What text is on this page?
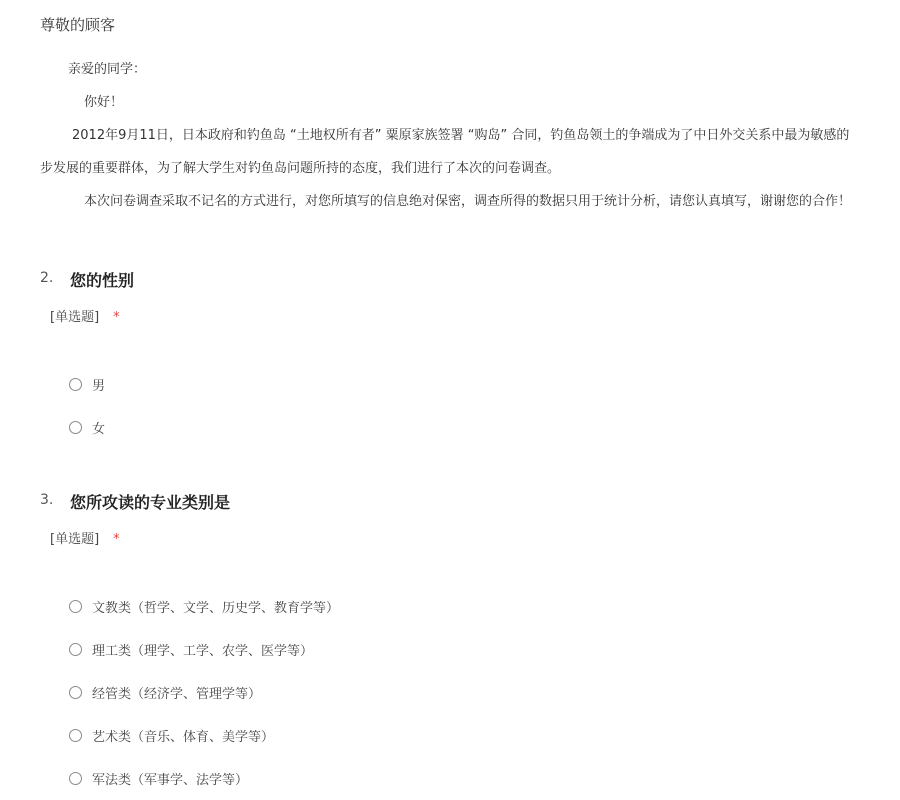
尊敬的顾客
亲爱的同学：
你好！
2012年9月11日，日本政府和钓鱼岛 “土地权所有者” 粟原家族签署 “购岛” 合同，钓鱼岛领土的争端成为了中日外交关系中最为敏感的
步发展的重要群体，为了解大学生对钓鱼岛问题所持的态度，我们进行了本次的问卷调查。
本次问卷调查采取不记名的方式进行，对您所填写的信息绝对保密，调查所得的数据只用于统计分析，请您认真填写，谢谢您的合作！
2. 您的性别
[单选题] *
男
女
3. 您所攻读的专业类别是
[单选题] *
文教类（哲学、文学、历史学、教育学等）
理工类（理学、工学、农学、医学等）
经管类（经济学、管理学等）
艺术类（音乐、体育、美学等）
军法类（军事学、法学等）
